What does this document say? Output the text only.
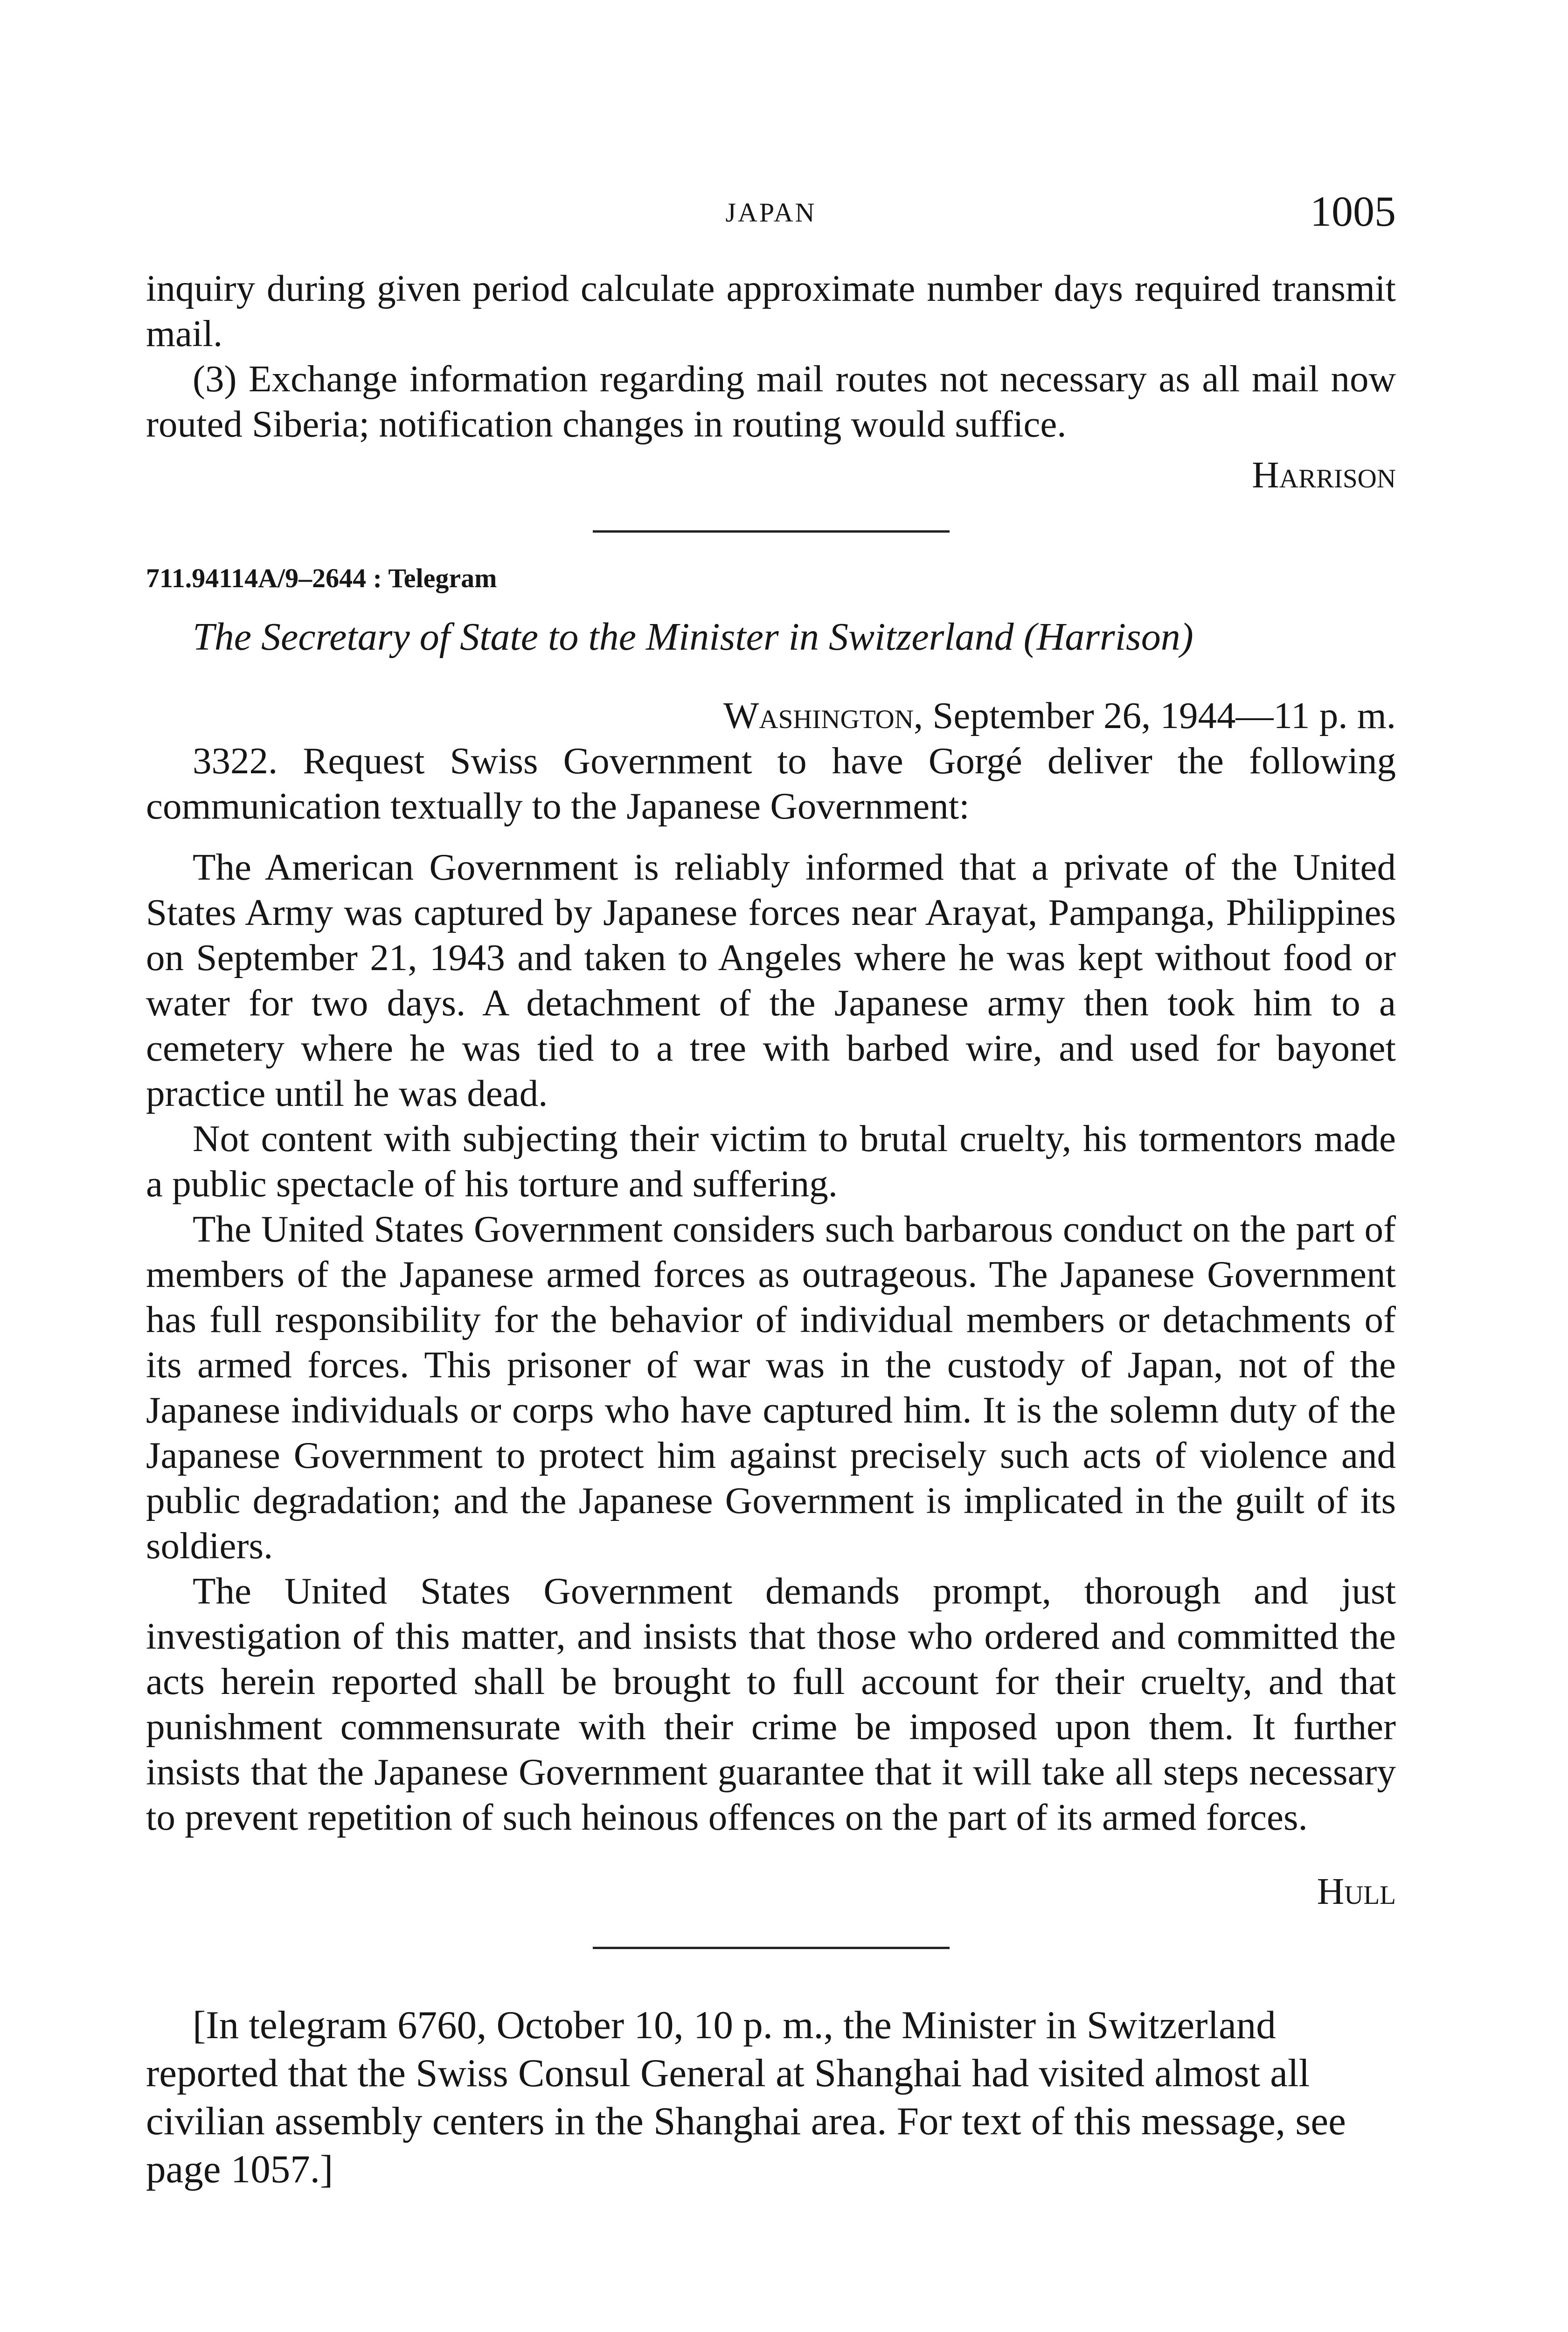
JAPAN	1005

inquiry during given period calculate approximate number days required transmit mail.

(3) Exchange information regarding mail routes not necessary as all mail now routed Siberia; notification changes in routing would suffice.

Harrison
711.94114A/9–2644 : Telegram

The Secretary of State to the Minister in Switzerland (Harrison)

Washington, September 26, 1944—11 p. m.

3322. Request Swiss Government to have Gorgé deliver the following communication textually to the Japanese Government:

The American Government is reliably informed that a private of the United States Army was captured by Japanese forces near Arayat, Pampanga, Philippines on September 21, 1943 and taken to Angeles where he was kept without food or water for two days. A detachment of the Japanese army then took him to a cemetery where he was tied to a tree with barbed wire, and used for bayonet practice until he was dead.

Not content with subjecting their victim to brutal cruelty, his tormentors made a public spectacle of his torture and suffering.

The United States Government considers such barbarous conduct on the part of members of the Japanese armed forces as outrageous. The Japanese Government has full responsibility for the behavior of individual members or detachments of its armed forces. This prisoner of war was in the custody of Japan, not of the Japanese individuals or corps who have captured him. It is the solemn duty of the Japanese Government to protect him against precisely such acts of violence and public degradation; and the Japanese Government is implicated in the guilt of its soldiers.

The United States Government demands prompt, thorough and just investigation of this matter, and insists that those who ordered and committed the acts herein reported shall be brought to full account for their cruelty, and that punishment commensurate with their crime be imposed upon them. It further insists that the Japanese Government guarantee that it will take all steps necessary to prevent repetition of such heinous offences on the part of its armed forces.

Hull

[In telegram 6760, October 10, 10 p. m., the Minister in Switzerland reported that the Swiss Consul General at Shanghai had visited almost all civilian assembly centers in the Shanghai area. For text of this message, see page 1057.]
